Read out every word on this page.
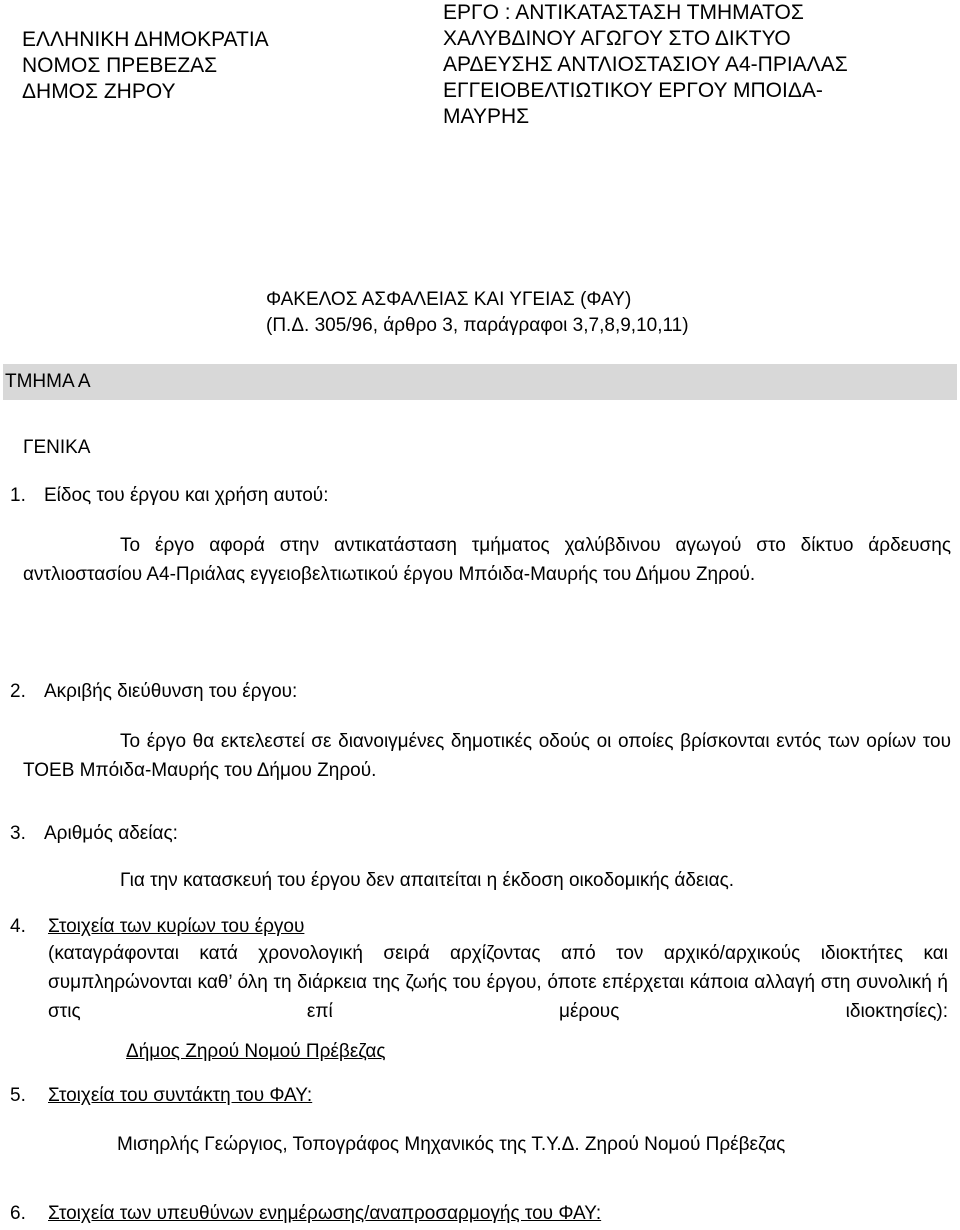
ΕΛΛΗΝΙΚΗ ΔΗΜΟΚΡΑΤΙΑ
ΝΟΜΟΣ ΠΡΕΒΕΖΑΣ
ΔΗΜΟΣ ΖΗΡΟΥ
ΕΡΓΟ : ΑΝΤΙΚΑΤΑΣΤΑΣΗ ΤΜΗΜΑΤΟΣ
ΧΑΛΥΒΔΙΝΟΥ ΑΓΩΓΟΥ ΣΤΟ ΔΙΚΤΥΟ
ΑΡΔΕΥΣΗΣ ΑΝΤΛΙΟΣΤΑΣΙΟΥ Α4-ΠΡΙΑΛΑΣ
ΕΓΓΕΙΟΒΕΛΤΙΩΤΙΚΟΥ ΕΡΓΟΥ ΜΠΟΙΔΑ-
ΜΑΥΡΗΣ
ΦΑΚΕΛΟΣ ΑΣΦΑΛΕΙΑΣ ΚΑΙ ΥΓΕΙΑΣ (ΦΑΥ)
(Π.Δ. 305/96, άρθρο 3, παράγραφοι 3,7,8,9,10,11)
ΤΜΗΜΑ Α
ΓΕΝΙΚΑ
1. Είδος του έργου και χρήση αυτού:

Το έργο αφορά στην αντικατάσταση τμήματος χαλύβδινου αγωγού στο δίκτυο άρδευσης αντλιοστασίου Α4-Πριάλας εγγειοβελτιωτικού έργου Μπόιδα-Μαυρής του Δήμου Ζηρού.

2. Ακριβής διεύθυνση του έργου:

Το έργο θα εκτελεστεί σε διανοιγμένες δημοτικές οδούς οι οποίες βρίσκονται εντός των ορίων του ΤΟΕΒ Μπόιδα-Μαυρής του Δήμου Ζηρού.

3. Αριθμός αδείας:
Για την κατασκευή του έργου δεν απαιτείται η έκδοση οικοδομικής άδειας.
4. Στοιχεία των κυρίων του έργου

(καταγράφονται κατά χρονολογική σειρά αρχίζοντας από τον αρχικό/αρχικούς ιδιοκτήτες και συμπληρώνονται καθ’ όλη τη διάρκεια της ζωής του έργου, όποτε επέρχεται κάποια αλλαγή στη συνολική ή στις επί μέρους ιδιοκτησίες):

Δήμος Ζηρού Νομού Πρέβεζας
5. Στοιχεία του συντάκτη του ΦΑΥ:
Μισηρλής Γεώργιος, Τοπογράφος Μηχανικός της Τ.Υ.Δ. Ζηρού Νομού Πρέβεζας
6. Στοιχεία των υπευθύνων ενημέρωσης/αναπροσαρμογής του ΦΑΥ:
